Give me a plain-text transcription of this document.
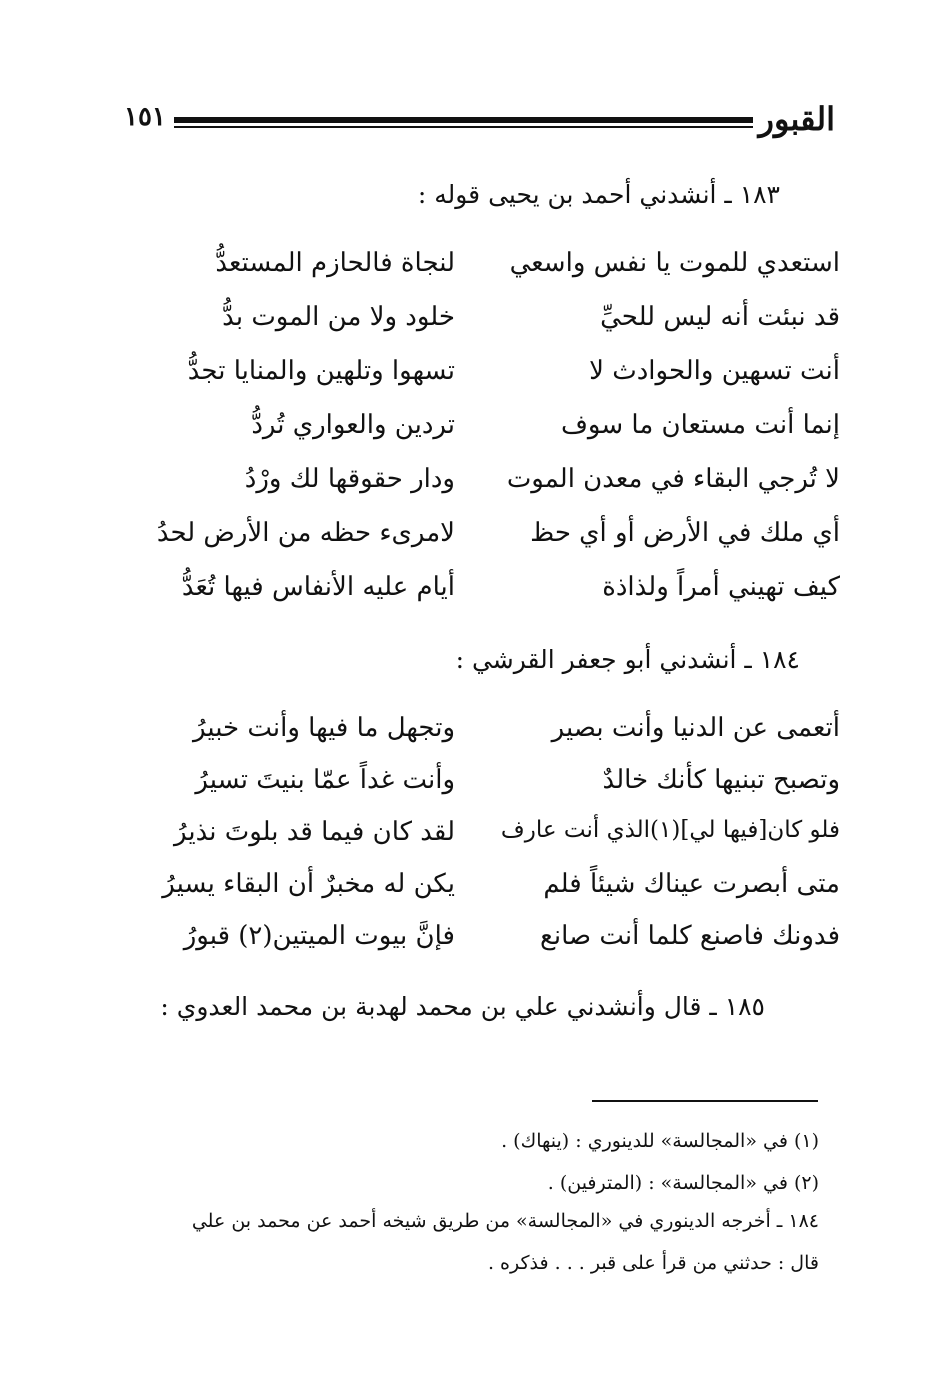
القبور
١٥١
١٨٣ ـ أنشدني أحمد بن يحيى قوله :
استعدي للموت يا نفس واسعي
لنجاة فالحازم المستعدُّ
قد نبئت أنه ليس للحيِّ
خلود ولا من الموت بدُّ
أنت تسهين والحوادث لا
تسهوا وتلهين والمنايا تجدُّ
إنما أنت مستعان ما سوف
تردين والعواري تُردُّ
لا تُرجي البقاء في معدن الموت
ودار حقوقها لك ورْدُ
أي ملك في الأرض أو أي حظ
لامرىء حظه من الأرض لحدُ
كيف تهيني أمراً ولذاذة
أيام عليه الأنفاس فيها تُعَدُّ
١٨٤ ـ أنشدني أبو جعفر القرشي :
أتعمى عن الدنيا وأنت بصير
وتجهل ما فيها وأنت خبيرُ
وتصبح تبنيها كأنك خالدٌ
وأنت غداً عمّا بنيتَ تسيرُ
فلو كان[فيها لي](١)الذي أنت عارف
لقد كان فيما قد بلوتَ نذيرُ
متى أبصرت عيناك شيئاً فلم
يكن له مخبرٌ أن البقاء يسيرُ
فدونك فاصنع كلما أنت صانع
فإنَّ بيوت الميتين(٢) قبورُ
١٨٥ ـ قال وأنشدني علي بن محمد لهدبة بن محمد العدوي :
(١) في «المجالسة» للدينوري : (ينهاك) .
(٢) في «المجالسة» : (المترفين) .
١٨٤ ـ أخرجه الدينوري في «المجالسة» من طريق شيخه أحمد عن محمد بن علي
قال : حدثني من قرأ على قبر . . . فذكره .
